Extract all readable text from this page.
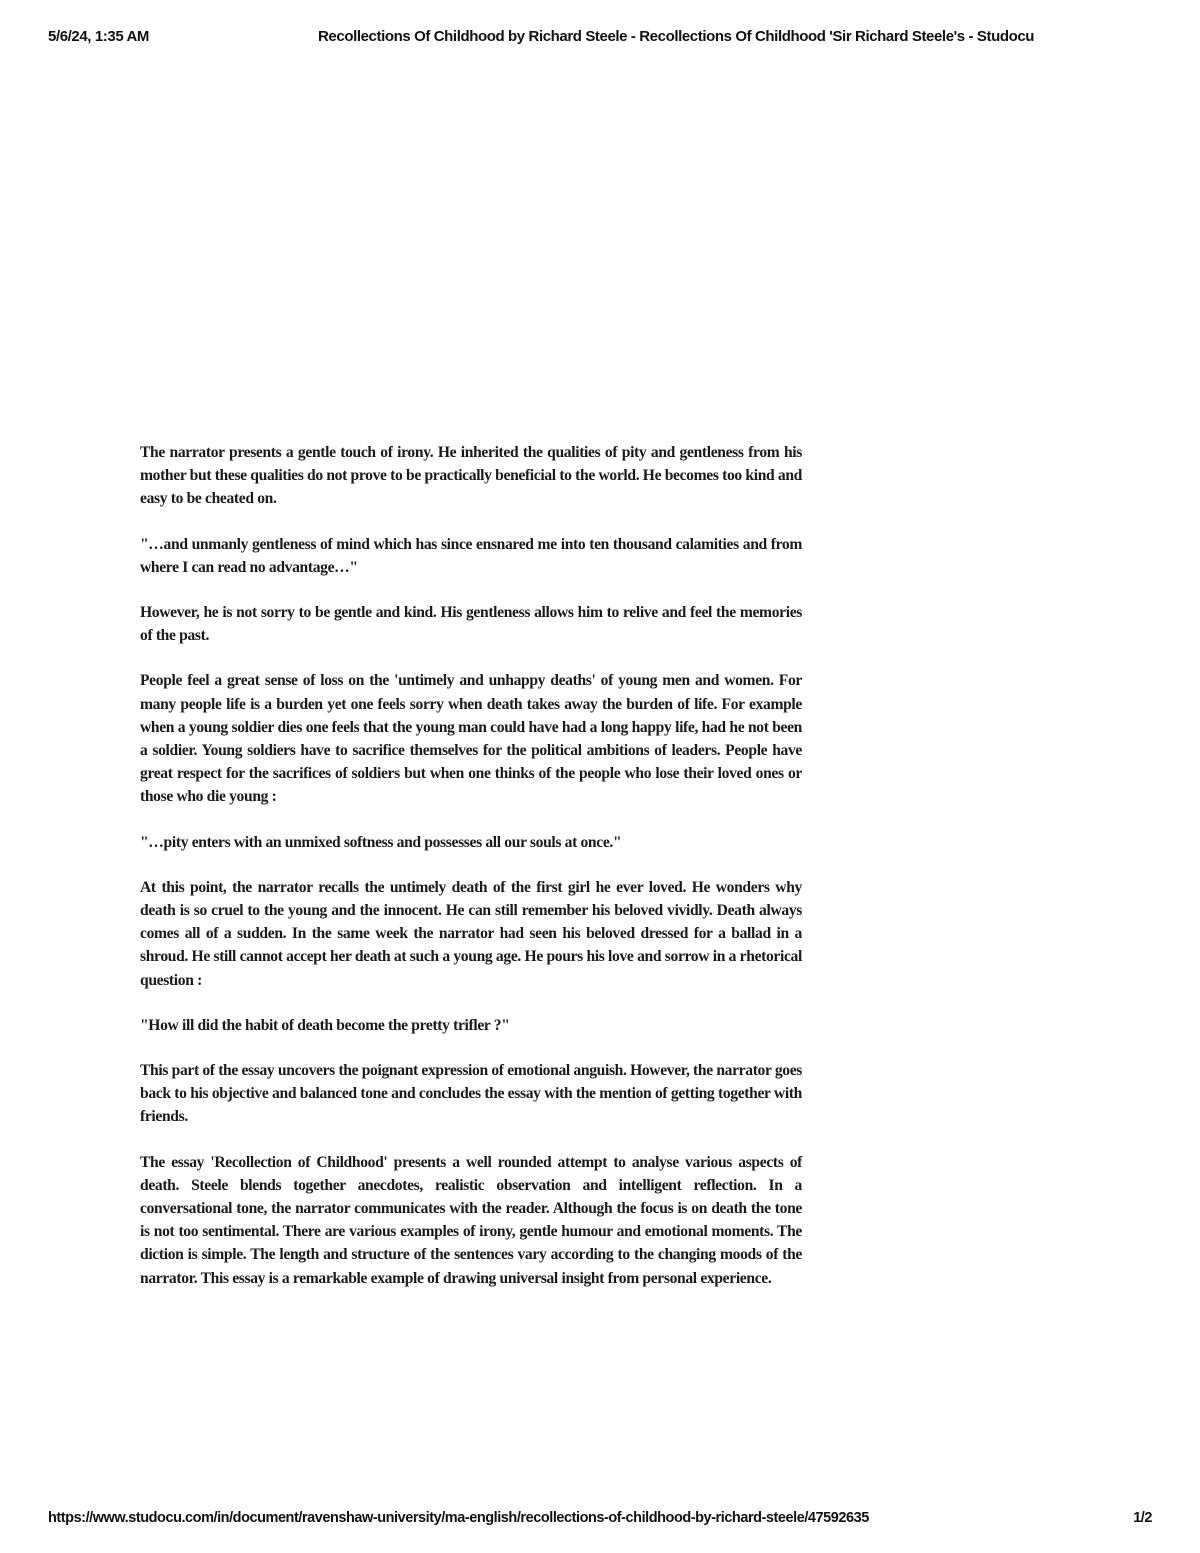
5/6/24, 1:35 AM	Recollections Of Childhood by Richard Steele - Recollections Of Childhood 'Sir Richard Steele's - Studocu

The narrator presents a gentle touch of irony. He inherited the qualities of pity and gentleness from his mother but these qualities do not prove to be practically beneficial to the world. He becomes too kind and easy to be cheated on.

"…and unmanly gentleness of mind which has since ensnared me into ten thousand calamities and from where I can read no advantage…"

However, he is not sorry to be gentle and kind. His gentleness allows him to relive and feel the memories of the past.

People feel a great sense of loss on the 'untimely and unhappy deaths' of young men and women. For many people life is a burden yet one feels sorry when death takes away the burden of life. For example when a young soldier dies one feels that the young man could have had a long happy life, had he not been a soldier. Young soldiers have to sacrifice themselves for the political ambitions of leaders. People have great respect for the sacrifices of soldiers but when one thinks of the people who lose their loved ones or those who die young :

"…pity enters with an unmixed softness and possesses all our souls at once."

At this point, the narrator recalls the untimely death of the first girl he ever loved. He wonders why death is so cruel to the young and the innocent. He can still remember his beloved vividly. Death always comes all of a sudden. In the same week the narrator had seen his beloved dressed for a ballad in a shroud. He still cannot accept her death at such a young age. He pours his love and sorrow in a rhetorical question :

"How ill did the habit of death become the pretty trifler ?"

This part of the essay uncovers the poignant expression of emotional anguish. However, the narrator goes back to his objective and balanced tone and concludes the essay with the mention of getting together with friends.

The essay 'Recollection of Childhood' presents a well rounded attempt to analyse various aspects of death. Steele blends together anecdotes, realistic observation and intelligent reflection. In a conversational tone, the narrator communicates with the reader. Although the focus is on death the tone is not too sentimental. There are various examples of irony, gentle humour and emotional moments. The diction is simple. The length and structure of the sentences vary according to the changing moods of the narrator. This essay is a remarkable example of drawing universal insight from personal experience.

https://www.studocu.com/in/document/ravenshaw-university/ma-english/recollections-of-childhood-by-richard-steele/47592635	1/2
